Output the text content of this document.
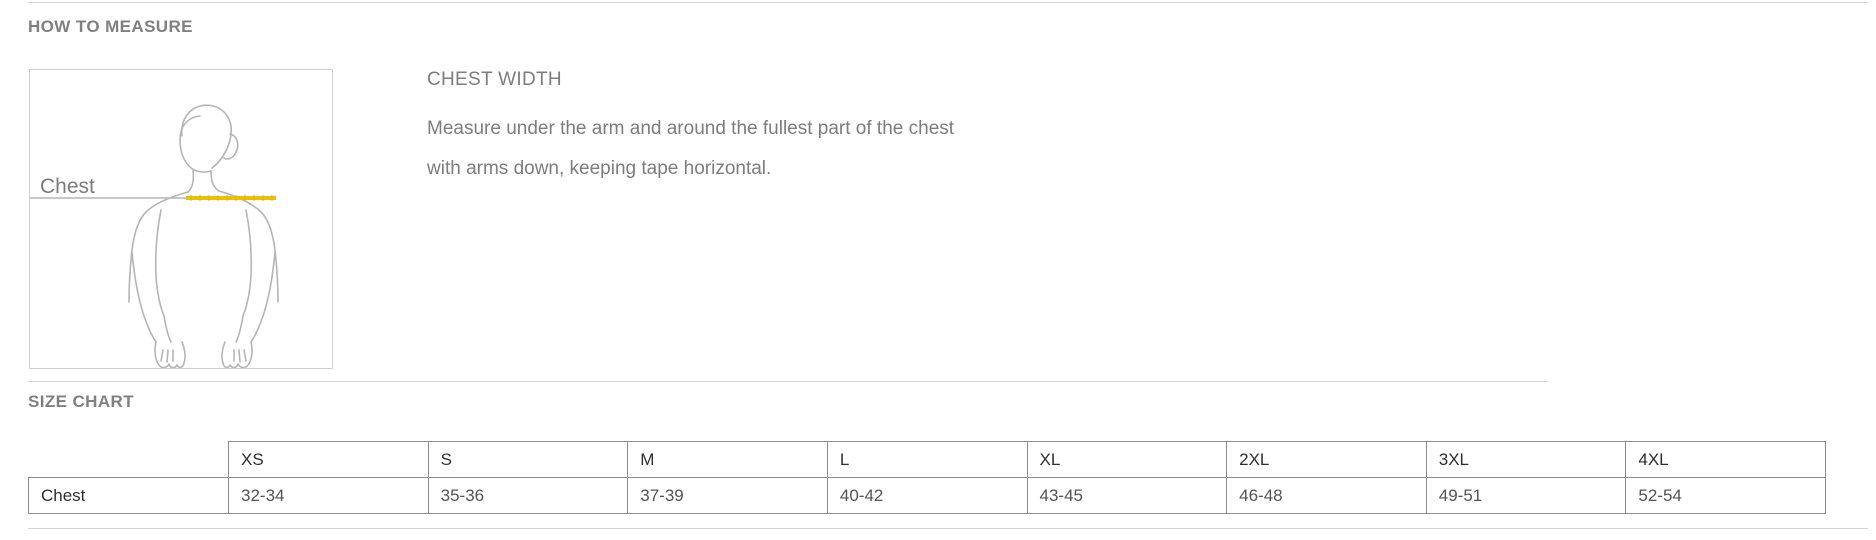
HOW TO MEASURE
Chest
CHEST WIDTH
Measure under the arm and around the fullest part of the chest
with arms down, keeping tape horizontal.
SIZE CHART
	XS	S	M	L	XL	2XL	3XL	4XL
Chest	32-34	35-36	37-39	40-42	43-45	46-48	49-51	52-54
